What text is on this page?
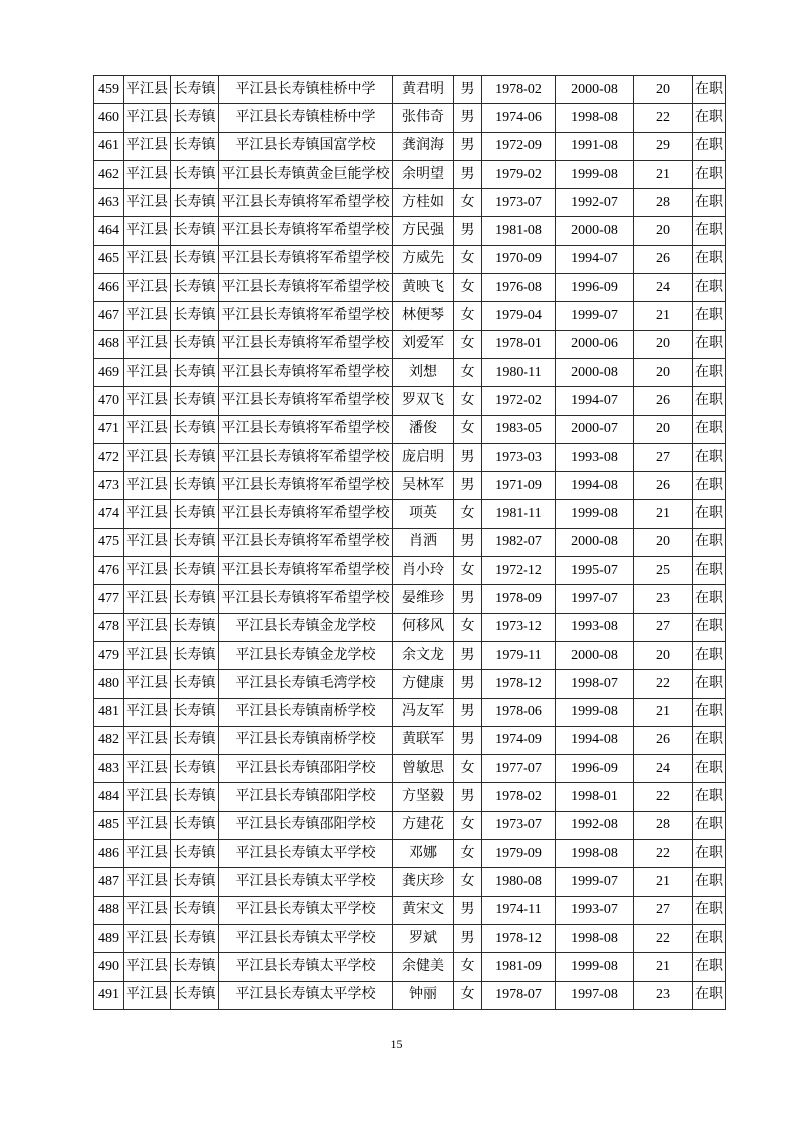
459	平江县	长寿镇	平江县长寿镇桂桥中学	黄君明	男	1978-02	2000-08	20	在职
460	平江县	长寿镇	平江县长寿镇桂桥中学	张伟奇	男	1974-06	1998-08	22	在职
461	平江县	长寿镇	平江县长寿镇国富学校	龚润海	男	1972-09	1991-08	29	在职
462	平江县	长寿镇	平江县长寿镇黄金巨能学校	余明望	男	1979-02	1999-08	21	在职
463	平江县	长寿镇	平江县长寿镇将军希望学校	方桂如	女	1973-07	1992-07	28	在职
464	平江县	长寿镇	平江县长寿镇将军希望学校	方民强	男	1981-08	2000-08	20	在职
465	平江县	长寿镇	平江县长寿镇将军希望学校	方威先	女	1970-09	1994-07	26	在职
466	平江县	长寿镇	平江县长寿镇将军希望学校	黄映飞	女	1976-08	1996-09	24	在职
467	平江县	长寿镇	平江县长寿镇将军希望学校	林便琴	女	1979-04	1999-07	21	在职
468	平江县	长寿镇	平江县长寿镇将军希望学校	刘爱军	女	1978-01	2000-06	20	在职
469	平江县	长寿镇	平江县长寿镇将军希望学校	刘想	女	1980-11	2000-08	20	在职
470	平江县	长寿镇	平江县长寿镇将军希望学校	罗双飞	女	1972-02	1994-07	26	在职
471	平江县	长寿镇	平江县长寿镇将军希望学校	潘俊	女	1983-05	2000-07	20	在职
472	平江县	长寿镇	平江县长寿镇将军希望学校	庞启明	男	1973-03	1993-08	27	在职
473	平江县	长寿镇	平江县长寿镇将军希望学校	吴林军	男	1971-09	1994-08	26	在职
474	平江县	长寿镇	平江县长寿镇将军希望学校	项英	女	1981-11	1999-08	21	在职
475	平江县	长寿镇	平江县长寿镇将军希望学校	肖洒	男	1982-07	2000-08	20	在职
476	平江县	长寿镇	平江县长寿镇将军希望学校	肖小玲	女	1972-12	1995-07	25	在职
477	平江县	长寿镇	平江县长寿镇将军希望学校	晏维珍	男	1978-09	1997-07	23	在职
478	平江县	长寿镇	平江县长寿镇金龙学校	何移风	女	1973-12	1993-08	27	在职
479	平江县	长寿镇	平江县长寿镇金龙学校	余文龙	男	1979-11	2000-08	20	在职
480	平江县	长寿镇	平江县长寿镇毛湾学校	方健康	男	1978-12	1998-07	22	在职
481	平江县	长寿镇	平江县长寿镇南桥学校	冯友军	男	1978-06	1999-08	21	在职
482	平江县	长寿镇	平江县长寿镇南桥学校	黄联军	男	1974-09	1994-08	26	在职
483	平江县	长寿镇	平江县长寿镇邵阳学校	曾敏思	女	1977-07	1996-09	24	在职
484	平江县	长寿镇	平江县长寿镇邵阳学校	方坚毅	男	1978-02	1998-01	22	在职
485	平江县	长寿镇	平江县长寿镇邵阳学校	方建花	女	1973-07	1992-08	28	在职
486	平江县	长寿镇	平江县长寿镇太平学校	邓娜	女	1979-09	1998-08	22	在职
487	平江县	长寿镇	平江县长寿镇太平学校	龚庆珍	女	1980-08	1999-07	21	在职
488	平江县	长寿镇	平江县长寿镇太平学校	黄宋文	男	1974-11	1993-07	27	在职
489	平江县	长寿镇	平江县长寿镇太平学校	罗斌	男	1978-12	1998-08	22	在职
490	平江县	长寿镇	平江县长寿镇太平学校	余健美	女	1981-09	1999-08	21	在职
491	平江县	长寿镇	平江县长寿镇太平学校	钟丽	女	1978-07	1997-08	23	在职
15
